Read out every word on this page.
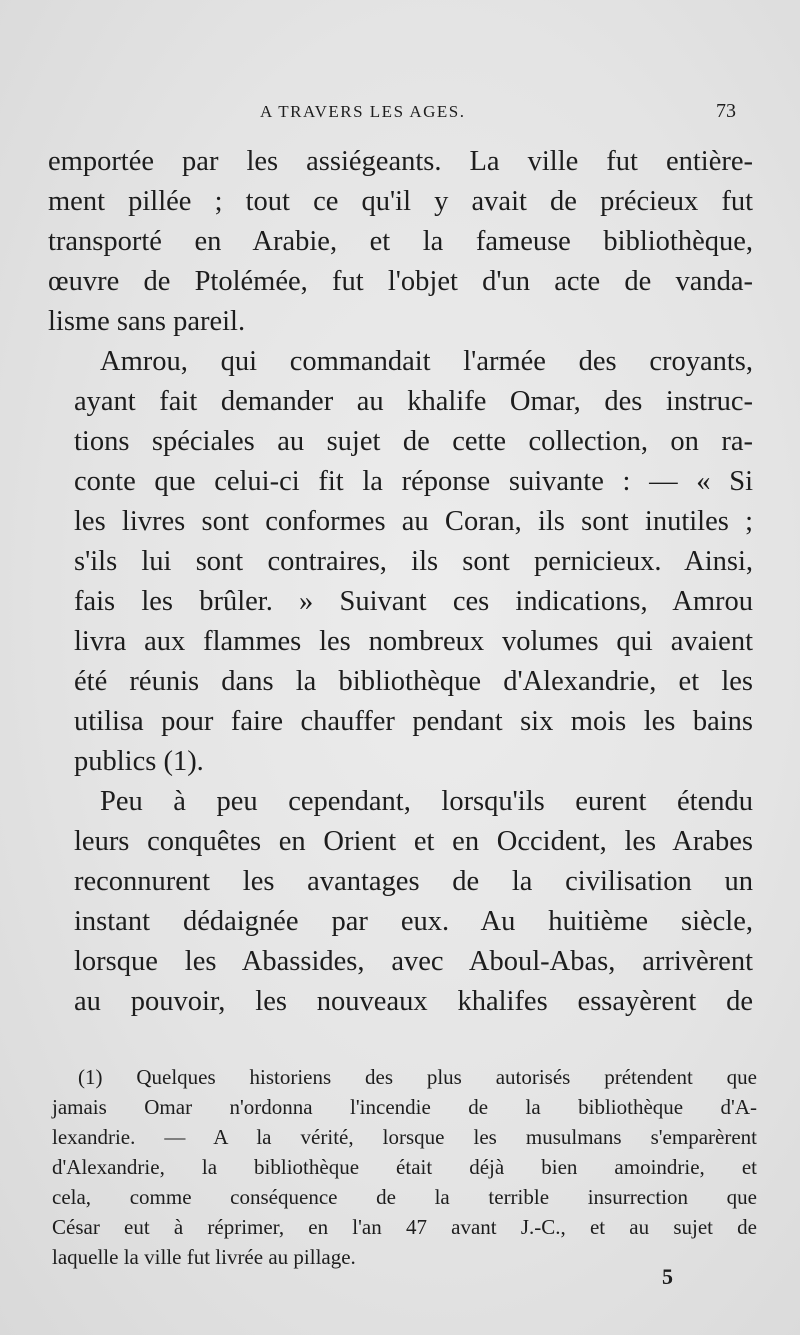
A TRAVERS LES AGES.	73

emportée par les assiégeants. La ville fut entière-
ment pillée ; tout ce qu'il y avait de précieux fut
transporté en Arabie, et la fameuse bibliothèque,
œuvre de Ptolémée, fut l'objet d'un acte de vanda-
lisme sans pareil.

Amrou, qui commandait l'armée des croyants,
ayant fait demander au khalife Omar, des instruc-
tions spéciales au sujet de cette collection, on ra-
conte que celui-ci fit la réponse suivante : — « Si
les livres sont conformes au Coran, ils sont inutiles ;
s'ils lui sont contraires, ils sont pernicieux. Ainsi,
fais les brûler. » Suivant ces indications, Amrou
livra aux flammes les nombreux volumes qui avaient
été réunis dans la bibliothèque d'Alexandrie, et les
utilisa pour faire chauffer pendant six mois les bains
publics (1).

Peu à peu cependant, lorsqu'ils eurent étendu
leurs conquêtes en Orient et en Occident, les Arabes
reconnurent les avantages de la civilisation un
instant dédaignée par eux. Au huitième siècle,
lorsque les Abassides, avec Aboul-Abas, arrivèrent
au pouvoir, les nouveaux khalifes essayèrent de

(1) Quelques historiens des plus autorisés prétendent que
jamais Omar n'ordonna l'incendie de la bibliothèque d'A-
lexandrie. — A la vérité, lorsque les musulmans s'emparèrent
d'Alexandrie, la bibliothèque était déjà bien amoindrie, et
cela, comme conséquence de la terrible insurrection que
César eut à réprimer, en l'an 47 avant J.-C., et au sujet de
laquelle la ville fut livrée au pillage.
5
